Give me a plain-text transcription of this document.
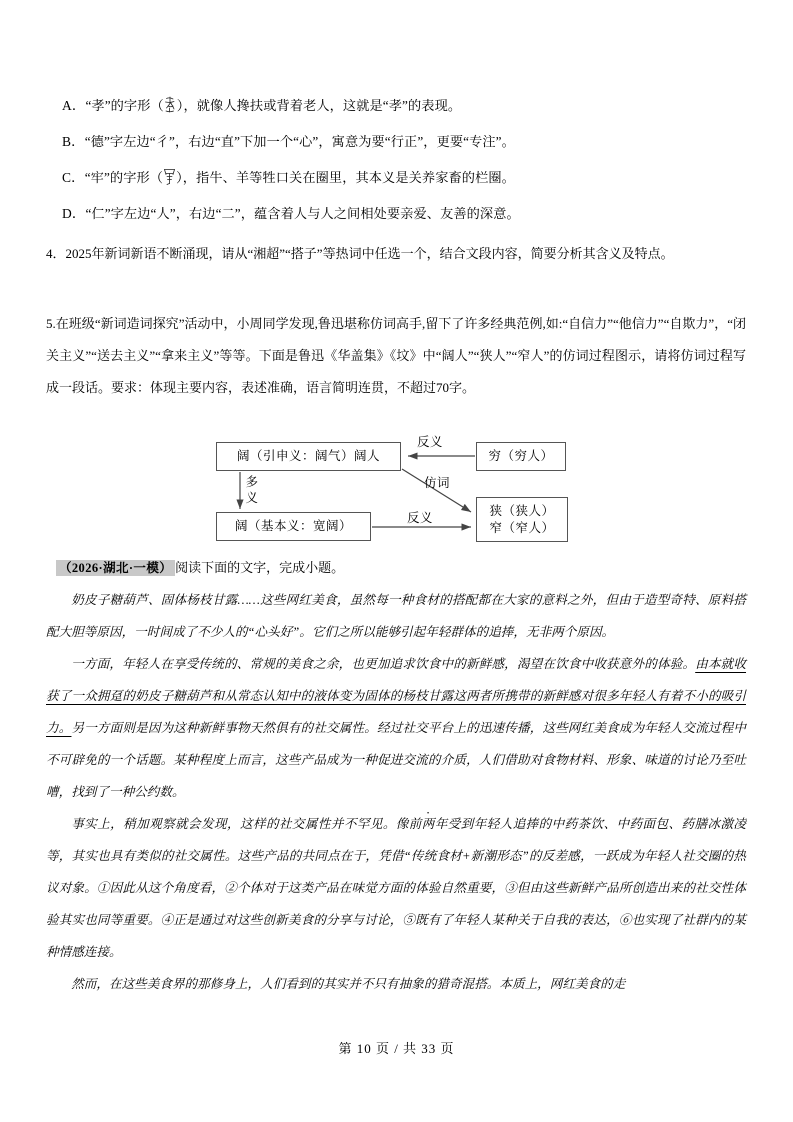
A．“孝”的字形（ ），就像人搀扶或背着老人，这就是“孝”的表现。
B．“德”字左边“彳”，右边“直”下加一个“心”，寓意为要“行正”，更要“专注”。
C．“牢”的字形（ ），指牛、羊等牲口关在圈里，其本义是关养家畜的栏圈。
D．“仁”字左边“人”，右边“二”，蕴含着人与人之间相处要亲爱、友善的深意。
4．2025年新词新语不断涌现，请从“湘超”“搭子”等热词中任选一个，结合文段内容，简要分析其含义及特点。
5.在班级“新词造词探究”活动中，小周同学发现,鲁迅堪称仿词高手,留下了许多经典范例,如:“自信力”“他信力”“自欺力”，“闭关主义”“送去主义”“拿来主义”等等。下面是鲁迅《华盖集》《坟》中“阔人”“狭人”“窄人”的仿词过程图示，请将仿词过程写成一段话。要求：体现主要内容，表述准确，语言简明连贯，不超过70字。
阔（引申义：阔气）阔人	穷（穷人）
阔（基本义：宽阔）
狭（狭人）
窄（窄人）
反义
仿词
反义
多
义
（2026·湖北·一模） 阅读下面的文字，完成小题。

奶皮子糖葫芦、固体杨枝甘露……这些网红美食，虽然每一种食材的搭配都在大家的意料之外，但由于造型奇特、原料搭配大胆等原因，一时间成了不少人的“心头好”。它们之所以能够引起年轻群体的追捧，无非两个原因。

一方面，年轻人在享受传统的、常规的美食之余，也更加追求饮食中的新鲜感，渴望在饮食中收获意外的体验。由本就收获了一众拥趸的奶皮子糖葫芦和从常态认知中的液体变为固体的杨枝甘露这两者所携带的新鲜感对很多年轻人有着不小的吸引力。另一方面则是因为这种新鲜事物天然俱有的社交属性。经过社交平台上的迅速传播，这些网红美食成为年轻人交流过程中不可辟免的一个话题。某种程度上而言，这些产品成为一种促进交流的介质，人们借助对食物材料、形象、味道的讨论乃至吐嘈，找到了一种公约数。

事实上，稍加观察就会发现，这样的社交属性并不罕见。像前两年受到年轻人追捧的中药茶饮、中药面包、药膳冰激凌等，其实也具有类似的社交属性。这些产品的共同点在于，凭借“传统食材+新潮形态”的反差感，一跃成为年轻人社交圈的热议对象。①因此从这个角度看，②个体对于这类产品在味觉方面的体验自然重要，③但由这些新鲜产品所创造出来的社交性体验其实也同等重要。④正是通过对这些创新美食的分享与讨论，⑤既有了年轻人某种关于自我的表达，⑥也实现了社群内的某种情感连接。

然而，在这些美食界的那修身上，人们看到的其实并不只有抽象的猎奇混搭。本质上，网红美食的走

第 10 页 / 共 33 页
